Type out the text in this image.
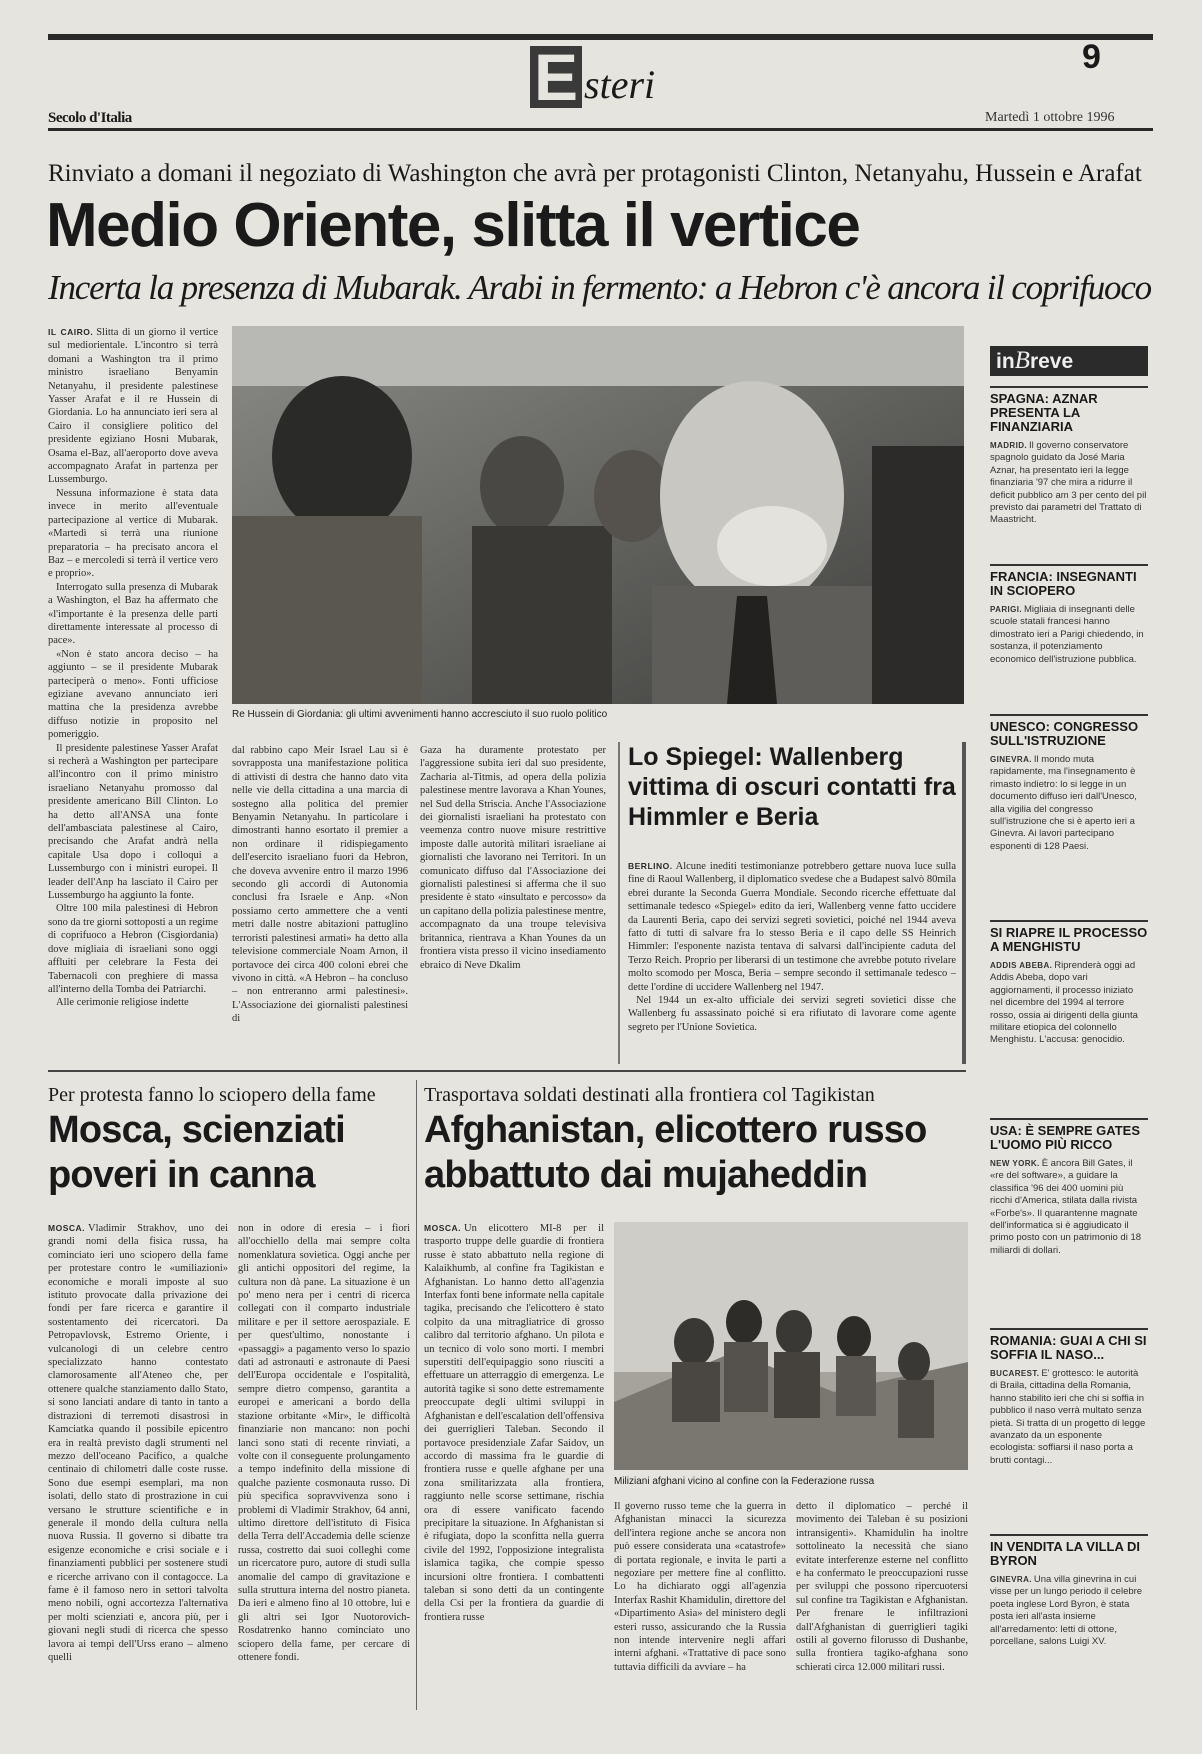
E steri
9
Secolo d'Italia	Martedì 1 ottobre 1996
Rinviato a domani il negoziato di Washington che avrà per protagonisti Clinton, Netanyahu, Hussein e Arafat
Medio Oriente, slitta il vertice
Incerta la presenza di Mubarak. Arabi in fermento: a Hebron c'è ancora il coprifuoco

IL CAIRO. Slitta di un giorno il vertice sul mediorientale. L'incontro si terrà domani a Washington tra il primo ministro israeliano Benyamin Netanyahu, il presidente palestinese Yasser Arafat e il re Hussein di Giordania. Lo ha annunciato ieri sera al Cairo il consigliere politico del presidente egiziano Hosni Mubarak, Osama el-Baz, all'aeroporto dove aveva accompagnato Arafat in partenza per Lussemburgo.

Nessuna informazione è stata data invece in merito all'eventuale partecipazione al vertice di Mubarak. «Martedì si terrà una riunione preparatoria – ha precisato ancora el Baz – e mercoledì si terrà il vertice vero e proprio».

Interrogato sulla presenza di Mubarak a Washington, el Baz ha affermato che «l'importante è la presenza delle parti direttamente interessate al processo di pace».

«Non è stato ancora deciso – ha aggiunto – se il presidente Mubarak parteciperà o meno». Fonti ufficiose egiziane avevano annunciato ieri mattina che la presidenza avrebbe diffuso notizie in proposito nel pomeriggio.

Il presidente palestinese Yasser Arafat si recherà a Washington per partecipare all'incontro con il primo ministro israeliano Netanyahu promosso dal presidente americano Bill Clinton. Lo ha detto all'ANSA una fonte dell'ambasciata palestinese al Cairo, precisando che Arafat andrà nella capitale Usa dopo i colloqui a Lussemburgo con i ministri europei. Il leader dell'Anp ha lasciato il Cairo per Lussemburgo ha aggiunto la fonte.

Oltre 100 mila palestinesi di Hebron sono da tre giorni sottoposti a un regime di coprifuoco a Hebron (Cisgiordania) dove migliaia di israeliani sono oggi affluiti per celebrare la Festa dei Tabernacoli con preghiere di massa all'interno della Tomba dei Patriarchi.

Alle cerimonie religiose indette

Re Hussein di Giordania: gli ultimi avvenimenti hanno accresciuto il suo ruolo politico

dal rabbino capo Meir Israel Lau si è sovrapposta una manifestazione politica di attivisti di destra che hanno dato vita nelle vie della cittadina a una marcia di sostegno alla politica del premier Benyamin Netanyahu. In particolare i dimostranti hanno esortato il premier a non ordinare il ridispiegamento dell'esercito israeliano fuori da Hebron, che doveva avvenire entro il marzo 1996 secondo gli accordi di Autonomia conclusi fra Israele e Anp. «Non possiamo certo ammettere che a venti metri dalle nostre abitazioni pattuglino terroristi palestinesi armati» ha detto alla televisione commerciale Noam Arnon, il portavoce dei circa 400 coloni ebrei che vivono in città. «A Hebron – ha concluso – non entreranno armi palestinesi». L'Associazione dei giornalisti palestinesi di

Gaza ha duramente protestato per l'aggressione subita ieri dal suo presidente, Zacharia al-Titmis, ad opera della polizia palestinese mentre lavorava a Khan Younes, nel Sud della Striscia. Anche l'Associazione dei giornalisti israeliani ha protestato con veemenza contro nuove misure restrittive imposte dalle autorità militari israeliane ai giornalisti che lavorano nei Territori. In un comunicato diffuso dal l'Associazione dei giornalisti palestinesi si afferma che il suo presidente è stato «insultato e percosso» da un capitano della polizia palestinese mentre, accompagnato da una troupe televisiva britannica, rientrava a Khan Younes da un frontiera vista presso il vicino insediamento ebraico di Neve Dkalim

Lo Spiegel: Wallenberg vittima di oscuri contatti fra Himmler e Beria

BERLINO. Alcune inediti testimonianze potrebbero gettare nuova luce sulla fine di Raoul Wallenberg, il diplomatico svedese che a Budapest salvò 80mila ebrei durante la Seconda Guerra Mondiale. Secondo ricerche effettuate dal settimanale tedesco «Spiegel» edito da ieri, Wallenberg venne fatto uccidere da Laurenti Beria, capo dei servizi segreti sovietici, poiché nel 1944 aveva fatto di tutti di salvare fra lo stesso Beria e il capo delle SS Heinrich Himmler: l'esponente nazista tentava di salvarsi dall'incipiente caduta del Terzo Reich. Proprio per liberarsi di un testimone che avrebbe potuto rivelare molto scomodo per Mosca, Beria – sempre secondo il settimanale tedesco – dette l'ordine di uccidere Wallenberg nel 1947.

Nel 1944 un ex-alto ufficiale dei servizi segreti sovietici disse che Wallenberg fu assassinato poiché si era rifiutato di lavorare come agente segreto per l'Unione Sovietica.

Per protesta fanno lo sciopero della fame
Mosca, scienziati poveri in canna

MOSCA. Vladimir Strakhov, uno dei grandi nomi della fisica russa, ha cominciato ieri uno sciopero della fame per protestare contro le «umiliazioni» economiche e morali imposte al suo istituto provocate dalla privazione dei fondi per fare ricerca e garantire il sostentamento dei ricercatori. Da Petropavlovsk, Estremo Oriente, i vulcanologi di un celebre centro specializzato hanno contestato clamorosamente all'Ateneo che, per ottenere qualche stanziamento dallo Stato, si sono lanciati andare di tanto in tanto a distrazioni di terremoti disastrosi in Kamciatka quando il possibile epicentro era in realtà previsto dagli strumenti nel mezzo dell'oceano Pacifico, a qualche centinaio di chilometri dalle coste russe. Sono due esempi esemplari, ma non isolati, dello stato di prostrazione in cui versano le strutture scientifiche e in generale il mondo della cultura nella nuova Russia. Il governo si dibatte tra esigenze economiche e crisi sociale e i finanziamenti pubblici per sostenere studi e ricerche arrivano con il contagocce. La fame è il famoso nero in settori talvolta meno nobili, ogni accortezza l'alternativa per molti scienziati e, ancora più, per i giovani negli studi di ricerca che spesso lavora ai tempi dell'Urss erano – almeno quelli

non in odore di eresia – i fiori all'occhiello della mai sempre colta nomenklatura sovietica. Oggi anche per gli antichi oppositori del regime, la cultura non dà pane. La situazione è un po' meno nera per i centri di ricerca collegati con il comparto industriale militare e per il settore aerospaziale. E per quest'ultimo, nonostante i «passaggi» a pagamento verso lo spazio dati ad astronauti e astronaute di Paesi dell'Europa occidentale e l'ospitalità, sempre dietro compenso, garantita a europei e americani a bordo della stazione orbitante «Mir», le difficoltà finanziarie non mancano: non pochi lanci sono stati di recente rinviati, a volte con il conseguente prolungamento a tempo indefinito della missione di qualche paziente cosmonauta russo. Di più specifica sopravvivenza sono i problemi di Vladimir Strakhov, 64 anni, ultimo direttore dell'istituto di Fisica della Terra dell'Accademia delle scienze russa, costretto dai suoi colleghi come un ricercatore puro, autore di studi sulla anomalie del campo di gravitazione e sulla struttura interna del nostro pianeta. Da ieri e almeno fino al 10 ottobre, lui e gli altri sei Igor Nuotorovich-Rosdatrenko hanno cominciato uno sciopero della fame, per cercare di ottenere fondi.

Trasportava soldati destinati alla frontiera col Tagikistan
Afghanistan, elicottero russo abbattuto dai mujaheddin

MOSCA. Un elicottero MI-8 per il trasporto truppe delle guardie di frontiera russe è stato abbattuto nella regione di Kalaikhumb, al confine fra Tagikistan e Afghanistan. Lo hanno detto all'agenzia Interfax fonti bene informate nella capitale tagika, precisando che l'elicottero è stato colpito da una mitragliatrice di grosso calibro dal territorio afghano. Un pilota e un tecnico di volo sono morti. I membri superstiti dell'equipaggio sono riusciti a effettuare un atterraggio di emergenza. Le autorità tagike si sono dette estremamente preoccupate degli ultimi sviluppi in Afghanistan e dell'escalation dell'offensiva dei guerriglieri Taleban. Secondo il portavoce presidenziale Zafar Saidov, un accordo di massima fra le guardie di frontiera russe e quelle afghane per una zona smilitarizzata alla frontiera, raggiunto nelle scorse settimane, rischia ora di essere vanificato facendo precipitare la situazione. In Afghanistan si è rifugiata, dopo la sconfitta nella guerra civile del 1992, l'opposizione integralista islamica tagika, che compie spesso incursioni oltre frontiera. I combattenti taleban si sono detti da un contingente della Csi per la frontiera da guardie di frontiera russe

Miliziani afghani vicino al confine con la Federazione russa

Il governo russo teme che la guerra in Afghanistan minacci la sicurezza dell'intera regione anche se ancora non può essere considerata una «catastrofe» di portata regionale, e invita le parti a negoziare per mettere fine al conflitto. Lo ha dichiarato oggi all'agenzia Interfax Rashit Khamidulin, direttore del «Dipartimento Asia» del ministero degli esteri russo, assicurando che la Russia non intende intervenire negli affari interni afghani. «Trattative di pace sono tuttavia difficili da avviare – ha

detto il diplomatico – perché il movimento dei Taleban è su posizioni intransigenti». Khamidulin ha inoltre sottolineato la necessità che siano evitate interferenze esterne nel conflitto e ha confermato le preoccupazioni russe per sviluppi che possono ripercuotersi sul confine tra Tagikistan e Afghanistan. Per frenare le infiltrazioni dall'Afghanistan di guerriglieri tagiki ostili al governo filorusso di Dushanbe, sulla frontiera tagiko-afghana sono schierati circa 12.000 militari russi.

inBreve
SPAGNA: AZNAR PRESENTA LA FINANZIARIA

MADRID. Il governo conservatore spagnolo guidato da José Maria Aznar, ha presentato ieri la legge finanziaria '97 che mira a ridurre il deficit pubblico am 3 per cento del pil previsto dai parametri del Trattato di Maastricht.

FRANCIA: INSEGNANTI IN SCIOPERO

PARIGI. Migliaia di insegnanti delle scuole statali francesi hanno dimostrato ieri a Parigi chiedendo, in sostanza, il potenziamento economico dell'istruzione pubblica.

UNESCO: CONGRESSO SULL'ISTRUZIONE

GINEVRA. Il mondo muta rapidamente, ma l'insegnamento è rimasto indietro: lo si legge in un documento diffuso ieri dall'Unesco, alla vigilia del congresso sull'istruzione che si è aperto ieri a Ginevra. Ai lavori partecipano esponenti di 128 Paesi.

SI RIAPRE IL PROCESSO A MENGHISTU

ADDIS ABEBA. Riprenderà oggi ad Addis Abeba, dopo vari aggiornamenti, il processo iniziato nel dicembre del 1994 al terrore rosso, ossia ai dirigenti della giunta militare etiopica del colonnello Menghistu. L'accusa: genocidio.

USA: È SEMPRE GATES L'UOMO PIÙ RICCO

NEW YORK. È ancora Bill Gates, il «re del software», a guidare la classifica '96 dei 400 uomini più ricchi d'America, stilata dalla rivista «Forbe's». Il quarantenne magnate dell'informatica si è aggiudicato il primo posto con un patrimonio di 18 miliardi di dollari.

ROMANIA: GUAI A CHI SI SOFFIA IL NASO...

BUCAREST. E' grottesco: le autorità di Braila, cittadina della Romania, hanno stabilito ieri che chi si soffia in pubblico il naso verrà multato senza pietà. Si tratta di un progetto di legge avanzato da un esponente ecologista: soffiarsi il naso porta a brutti contagi...

IN VENDITA LA VILLA DI BYRON

GINEVRA. Una villa ginevrina in cui visse per un lungo periodo il celebre poeta inglese Lord Byron, è stata posta ieri all'asta insieme all'arredamento: letti di ottone, porcellane, salons Luigi XV.
